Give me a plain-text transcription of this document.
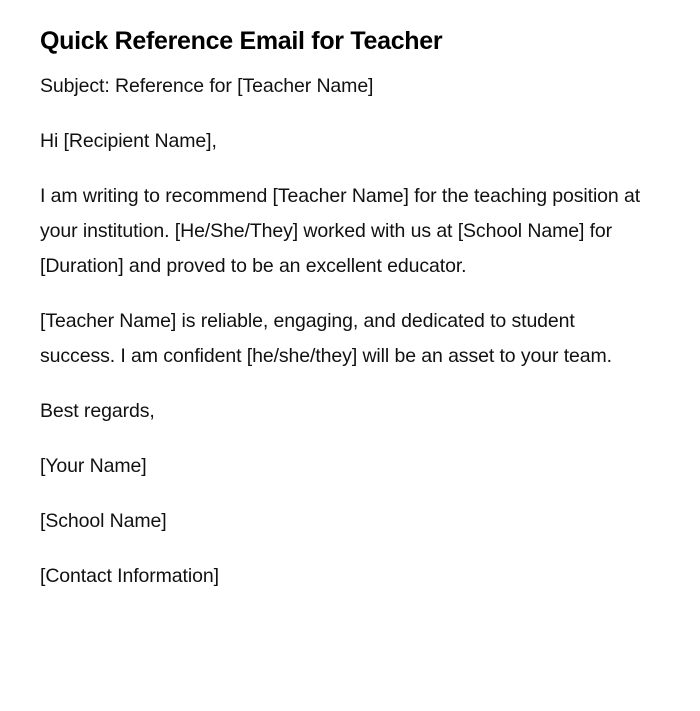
Quick Reference Email for Teacher

Subject: Reference for [Teacher Name]

Hi [Recipient Name],

I am writing to recommend [Teacher Name] for the teaching position at your institution. [He/She/They] worked with us at [School Name] for [Duration] and proved to be an excellent educator.

[Teacher Name] is reliable, engaging, and dedicated to student success. I am confident [he/she/they] will be an asset to your team.

Best regards,

[Your Name]

[School Name]

[Contact Information]
